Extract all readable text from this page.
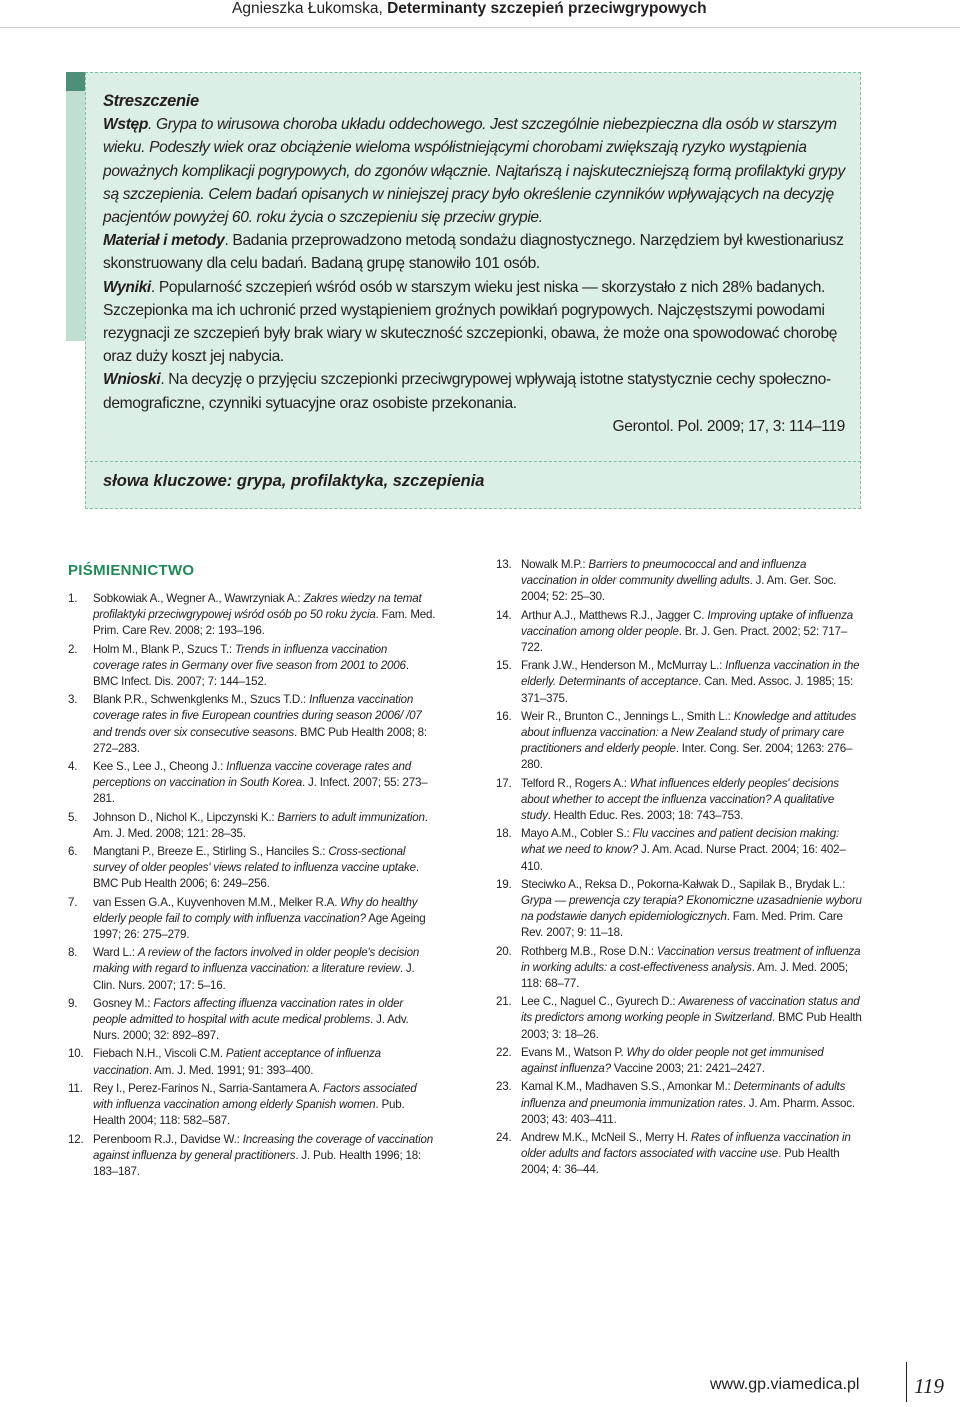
Agnieszka Łukomska, Determinanty szczepień przeciwgrypowych

Streszczenie

Wstęp. Grypa to wirusowa choroba układu oddechowego. Jest szczególnie niebezpieczna dla osób w starszym wieku. Podeszły wiek oraz obciążenie wieloma współistniejącymi chorobami zwiększają ryzyko wystąpienia poważnych komplikacji pogrypowych, do zgonów włącznie. Najtańszą i najskuteczniejszą formą profilaktyki grypy są szczepienia. Celem badań opisanych w niniejszej pracy było określenie czynników wpływających na decyzję pacjentów powyżej 60. roku życia o szczepieniu się przeciw grypie.

Materiał i metody. Badania przeprowadzono metodą sondażu diagnostycznego. Narzędziem był kwestionariusz skonstruowany dla celu badań. Badaną grupę stanowiło 101 osób.

Wyniki. Popularność szczepień wśród osób w starszym wieku jest niska — skorzystało z nich 28% badanych. Szczepionka ma ich uchronić przed wystąpieniem groźnych powikłań pogrypowych. Najczęstszymi powodami rezygnacji ze szczepień były brak wiary w skuteczność szczepionki, obawa, że może ona spowodować chorobę oraz duży koszt jej nabycia.

Wnioski. Na decyzję o przyjęciu szczepionki przeciwgrypowej wpływają istotne statystycznie cechy społeczno-demograficzne, czynniki sytuacyjne oraz osobiste przekonania.

Gerontol. Pol. 2009; 17, 3: 114–119

słowa kluczowe: grypa, profilaktyka, szczepienia
PIŚMIENNICTWO
1. Sobkowiak A., Wegner A., Wawrzyniak A.: Zakres wiedzy na temat profilaktyki przeciwgrypowej wśród osób po 50 roku życia. Fam. Med. Prim. Care Rev. 2008; 2: 193–196.
2. Holm M., Blank P., Szucs T.: Trends in influenza vaccination coverage rates in Germany over five season from 2001 to 2006. BMC Infect. Dis. 2007; 7: 144–152.
3. Blank P.R., Schwenkglenks M., Szucs T.D.: Influenza vaccination coverage rates in five European countries during season 2006/ /07 and trends over six consecutive seasons. BMC Pub Health 2008; 8: 272–283.
4. Kee S., Lee J., Cheong J.: Influenza vaccine coverage rates and perceptions on vaccination in South Korea. J. Infect. 2007; 55: 273–281.
5. Johnson D., Nichol K., Lipczynski K.: Barriers to adult immunization. Am. J. Med. 2008; 121: 28–35.
6. Mangtani P., Breeze E., Stirling S., Hanciles S.: Cross-sectional survey of older peoples' views related to influenza vaccine uptake. BMC Pub Health 2006; 6: 249–256.
7. van Essen G.A., Kuyvenhoven M.M., Melker R.A. Why do healthy elderly people fail to comply with influenza vaccination? Age Ageing 1997; 26: 275–279.
8. Ward L.: A review of the factors involved in older people's decision making with regard to influenza vaccination: a literature review. J. Clin. Nurs. 2007; 17: 5–16.
9. Gosney M.: Factors affecting ifluenza vaccination rates in older people admitted to hospital with acute medical problems. J. Adv. Nurs. 2000; 32: 892–897.
10. Fiebach N.H., Viscoli C.M. Patient acceptance of influenza vaccination. Am. J. Med. 1991; 91: 393–400.
11. Rey I., Perez-Farinos N., Sarria-Santamera A. Factors associated with influenza vaccination among elderly Spanish women. Pub. Health 2004; 118: 582–587.
12. Perenboom R.J., Davidse W.: Increasing the coverage of vaccination against influenza by general practitioners. J. Pub. Health 1996; 18: 183–187.
13. Nowalk M.P.: Barriers to pneumococcal and and influenza vaccination in older community dwelling adults. J. Am. Ger. Soc. 2004; 52: 25–30.
14. Arthur A.J., Matthews R.J., Jagger C. Improving uptake of influenza vaccination among older people. Br. J. Gen. Pract. 2002; 52: 717–722.
15. Frank J.W., Henderson M., McMurray L.: Influenza vaccination in the elderly. Determinants of acceptance. Can. Med. Assoc. J. 1985; 15: 371–375.
16. Weir R., Brunton C., Jennings L., Smith L.: Knowledge and attitudes about influenza vaccination: a New Zealand study of primary care practitioners and elderly people. Inter. Cong. Ser. 2004; 1263: 276–280.
17. Telford R., Rogers A.: What influences elderly peoples' decisions about whether to accept the influenza vaccination? A qualitative study. Health Educ. Res. 2003; 18: 743–753.
18. Mayo A.M., Cobler S.: Flu vaccines and patient decision making: what we need to know? J. Am. Acad. Nurse Pract. 2004; 16: 402–410.
19. Steciwko A., Reksa D., Pokorna-Kałwak D., Sapilak B., Brydak L.: Grypa — prewencja czy terapia? Ekonomiczne uzasadnienie wyboru na podstawie danych epidemiologicznych. Fam. Med. Prim. Care Rev. 2007; 9: 11–18.
20. Rothberg M.B., Rose D.N.: Vaccination versus treatment of influenza in working adults: a cost-effectiveness analysis. Am. J. Med. 2005; 118: 68–77.
21. Lee C., Naguel C., Gyurech D.: Awareness of vaccination status and its predictors among working people in Switzerland. BMC Pub Health 2003; 3: 18–26.
22. Evans M., Watson P. Why do older people not get immunised against influenza? Vaccine 2003; 21: 2421–2427.
23. Kamal K.M., Madhaven S.S., Amonkar M.: Determinants of adults influenza and pneumonia immunization rates. J. Am. Pharm. Assoc. 2003; 43: 403–411.
24. Andrew M.K., McNeil S., Merry H. Rates of influenza vaccination in older adults and factors associated with vaccine use. Pub Health 2004; 4: 36–44.
www.gp.viamedica.pl	119
